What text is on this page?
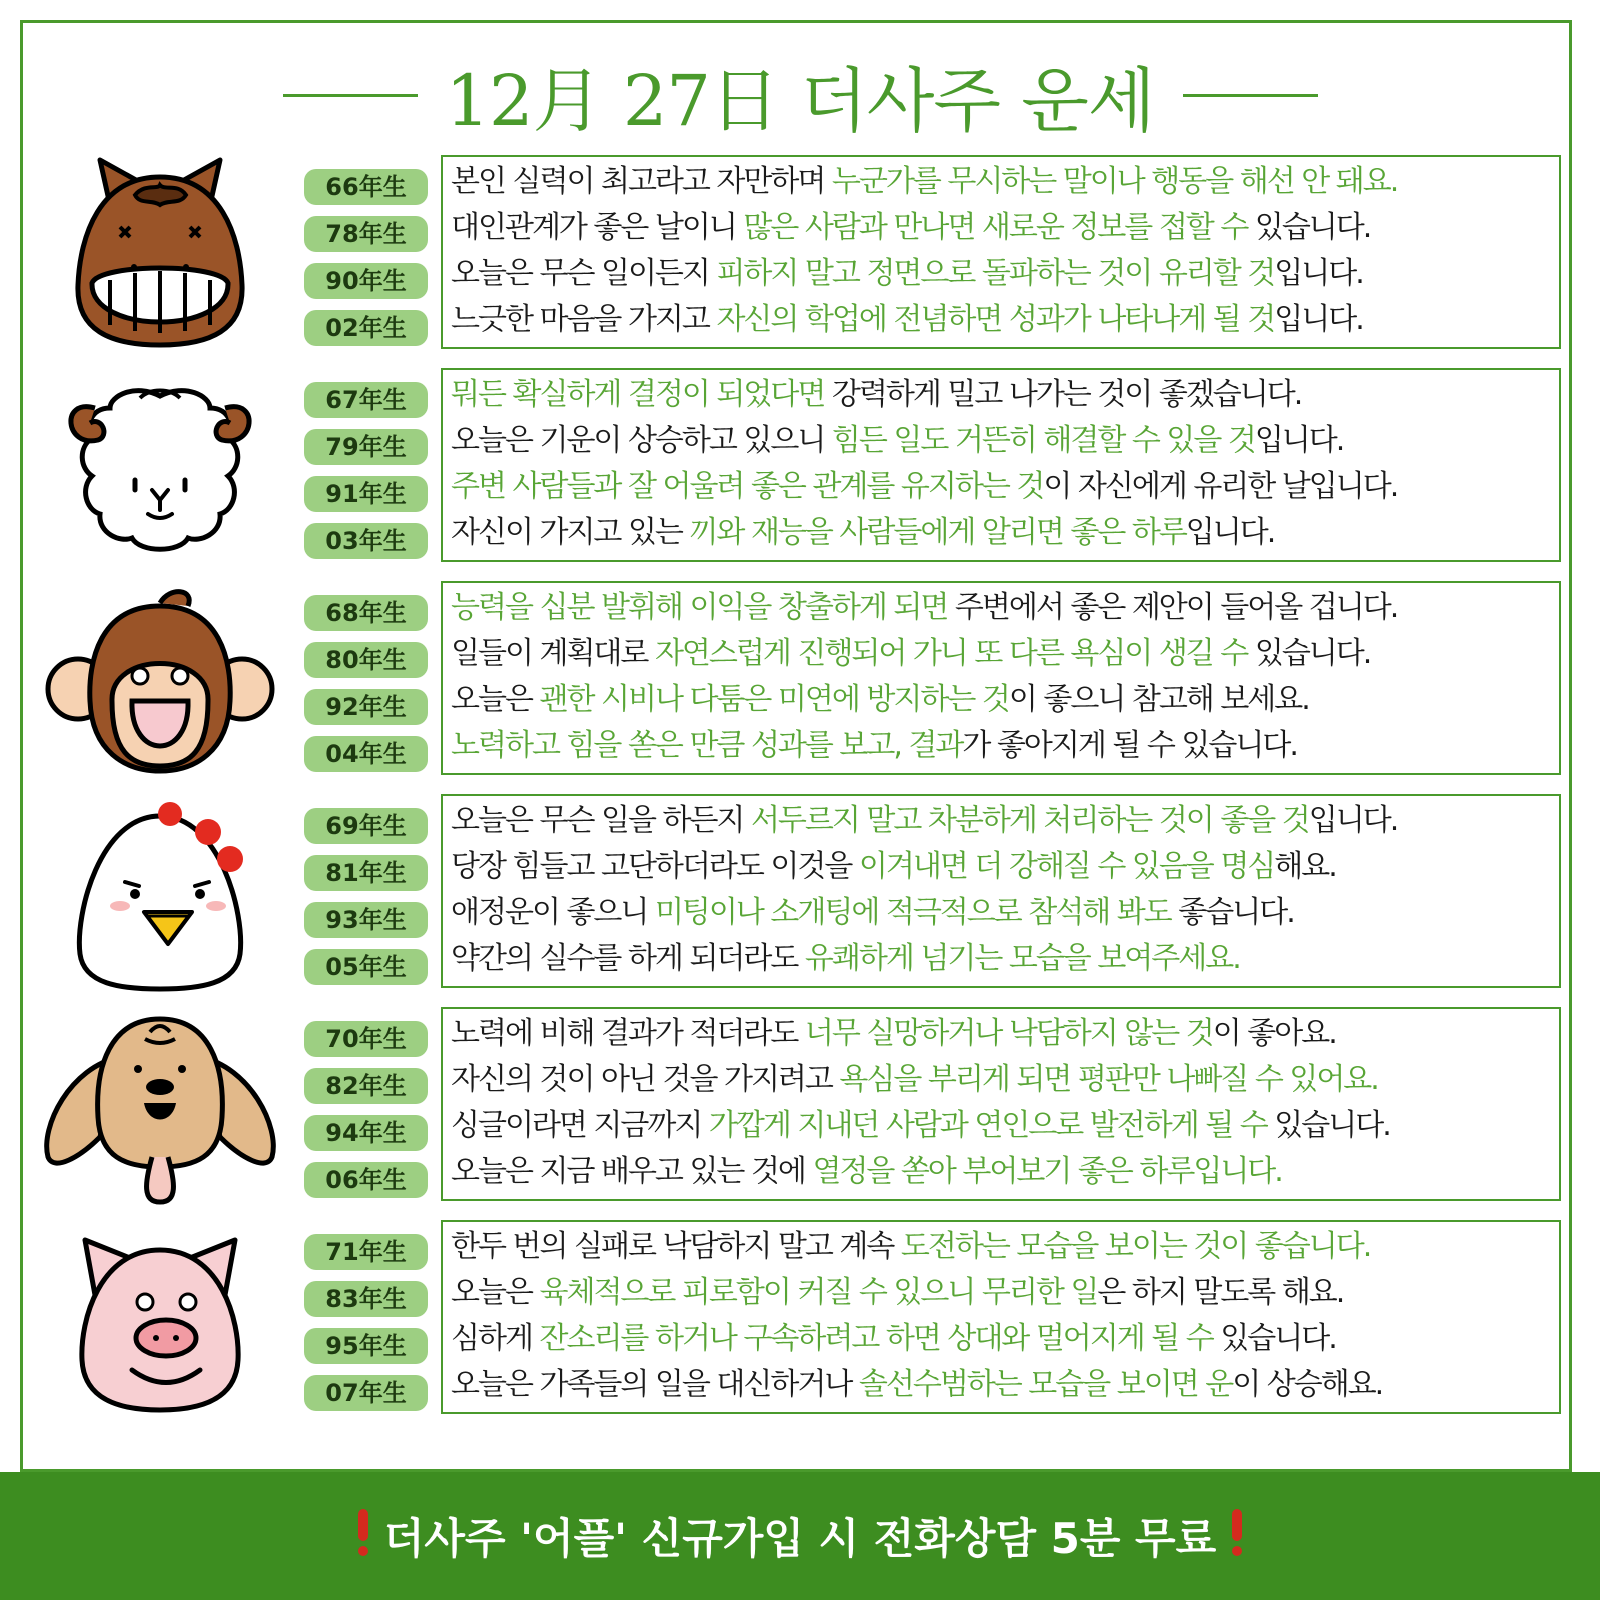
12月 27日 더사주 운세
66年生
78年生
90年生
02年生
본인 실력이 최고라고 자만하며 누군가를 무시하는 말이나 행동을 해선 안 돼요.
대인관계가 좋은 날이니 많은 사람과 만나면 새로운 정보를 접할 수 있습니다.
오늘은 무슨 일이든지 피하지 말고 정면으로 돌파하는 것이 유리할 것입니다.
느긋한 마음을 가지고 자신의 학업에 전념하면 성과가 나타나게 될 것입니다.
67年生
79年生
91年生
03年生
뭐든 확실하게 결정이 되었다면 강력하게 밀고 나가는 것이 좋겠습니다.
오늘은 기운이 상승하고 있으니 힘든 일도 거뜬히 해결할 수 있을 것입니다.
주변 사람들과 잘 어울려 좋은 관계를 유지하는 것이 자신에게 유리한 날입니다.
자신이 가지고 있는 끼와 재능을 사람들에게 알리면 좋은 하루입니다.
68年生
80年生
92年生
04年生
능력을 십분 발휘해 이익을 창출하게 되면 주변에서 좋은 제안이 들어올 겁니다.
일들이 계획대로 자연스럽게 진행되어 가니 또 다른 욕심이 생길 수 있습니다.
오늘은 괜한 시비나 다툼은 미연에 방지하는 것이 좋으니 참고해 보세요.
노력하고 힘을 쏟은 만큼 성과를 보고, 결과가 좋아지게 될 수 있습니다.
69年生
81年生
93年生
05年生
오늘은 무슨 일을 하든지 서두르지 말고 차분하게 처리하는 것이 좋을 것입니다.
당장 힘들고 고단하더라도 이것을 이겨내면 더 강해질 수 있음을 명심해요.
애정운이 좋으니 미팅이나 소개팅에 적극적으로 참석해 봐도 좋습니다.
약간의 실수를 하게 되더라도 유쾌하게 넘기는 모습을 보여주세요.
70年生
82年生
94年生
06年生
노력에 비해 결과가 적더라도 너무 실망하거나 낙담하지 않는 것이 좋아요.
자신의 것이 아닌 것을 가지려고 욕심을 부리게 되면 평판만 나빠질 수 있어요.
싱글이라면 지금까지 가깝게 지내던 사람과 연인으로 발전하게 될 수 있습니다.
오늘은 지금 배우고 있는 것에 열정을 쏟아 부어보기 좋은 하루입니다.
71年生
83年生
95年生
07年生
한두 번의 실패로 낙담하지 말고 계속 도전하는 모습을 보이는 것이 좋습니다.
오늘은 육체적으로 피로함이 커질 수 있으니 무리한 일은 하지 말도록 해요.
심하게 잔소리를 하거나 구속하려고 하면 상대와 멀어지게 될 수 있습니다.
오늘은 가족들의 일을 대신하거나 솔선수범하는 모습을 보이면 운이 상승해요.
더사주 '어플' 신규가입 시 전화상담 5분 무료
